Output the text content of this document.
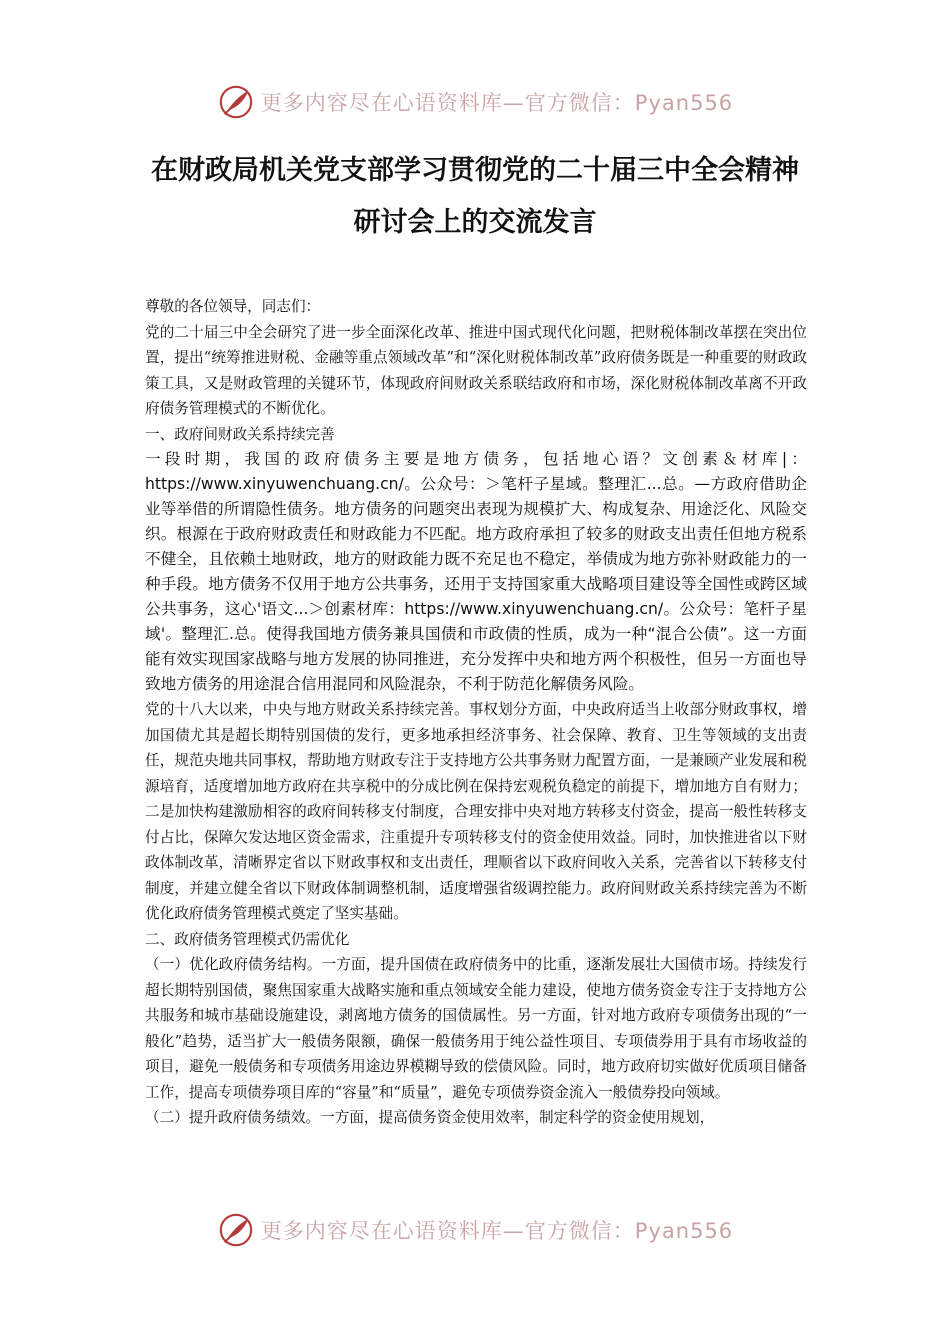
更多内容尽在心语资料库—官方微信：Pyan556
在财政局机关党支部学习贯彻党的二十届三中全会精神研讨会上的交流发言

尊敬的各位领导，同志们：

党的二十届三中全会研究了进一步全面深化改革、推进中国式现代化问题，把财税体制改革摆在突出位置，提出“统筹推进财税、金融等重点领域改革”和“深化财税体制改革”政府债务既是一种重要的财政政策工具，又是财政管理的关键环节，体现政府间财政关系联结政府和市场，深化财税体制改革离不开政府债务管理模式的不断优化。

一、政府间财政关系持续完善

一段时期，我国的政府债务主要是地方债务，包括地心语？文创素＆材库|：https://www.xinyuwenchuang.cn/。公众号：＞笔杆子星域。整理汇...总。—方政府借助企业等举借的所谓隐性债务。地方债务的问题突出表现为规模扩大、构成复杂、用途泛化、风险交织。根源在于政府财政责任和财政能力不匹配。地方政府承担了较多的财政支出责任但地方税系不健全，且依赖土地财政，地方的财政能力既不充足也不稳定，举债成为地方弥补财政能力的一种手段。地方债务不仅用于地方公共事务，还用于支持国家重大战略项目建设等全国性或跨区域公共事务，这心'语文...＞创素材库：https://www.xinyuwenchuang.cn/。公众号：笔杆子星域'。整理汇.总。使得我国地方债务兼具国债和市政债的性质，成为一种“混合公债”。这一方面能有效实现国家战略与地方发展的协同推进，充分发挥中央和地方两个积极性，但另一方面也导致地方债务的用途混合信用混同和风险混杂，不利于防范化解债务风险。

党的十八大以来，中央与地方财政关系持续完善。事权划分方面，中央政府适当上收部分财政事权，增加国债尤其是超长期特别国债的发行，更多地承担经济事务、社会保障、教育、卫生等领域的支出责任，规范央地共同事权，帮助地方财政专注于支持地方公共事务财力配置方面，一是兼顾产业发展和税源培育，适度增加地方政府在共享税中的分成比例在保持宏观税负稳定的前提下，增加地方自有财力；二是加快构建激励相容的政府间转移支付制度，合理安排中央对地方转移支付资金，提高一般性转移支付占比，保障欠发达地区资金需求，注重提升专项转移支付的资金使用效益。同时，加快推进省以下财政体制改革，清晰界定省以下财政事权和支出责任，理顺省以下政府间收入关系，完善省以下转移支付制度，并建立健全省以下财政体制调整机制，适度增强省级调控能力。政府间财政关系持续完善为不断优化政府债务管理模式奠定了坚实基础。

二、政府债务管理模式仍需优化

（一）优化政府债务结构。一方面，提升国债在政府债务中的比重，逐渐发展壮大国债市场。持续发行超长期特别国债，聚焦国家重大战略实施和重点领域安全能力建设，使地方债务资金专注于支持地方公共服务和城市基础设施建设，剥离地方债务的国债属性。另一方面，针对地方政府专项债务出现的“一般化”趋势，适当扩大一般债务限额，确保一般债务用于纯公益性项目、专项债券用于具有市场收益的项目，避免一般债务和专项债务用途边界模糊导致的偿债风险。同时，地方政府切实做好优质项目储备工作，提高专项债券项目库的“容量”和“质量”，避免专项债券资金流入一般债券投向领域。

（二）提升政府债务绩效。一方面，提高债务资金使用效率，制定科学的资金使用规划，

更多内容尽在心语资料库—官方微信：Pyan556
